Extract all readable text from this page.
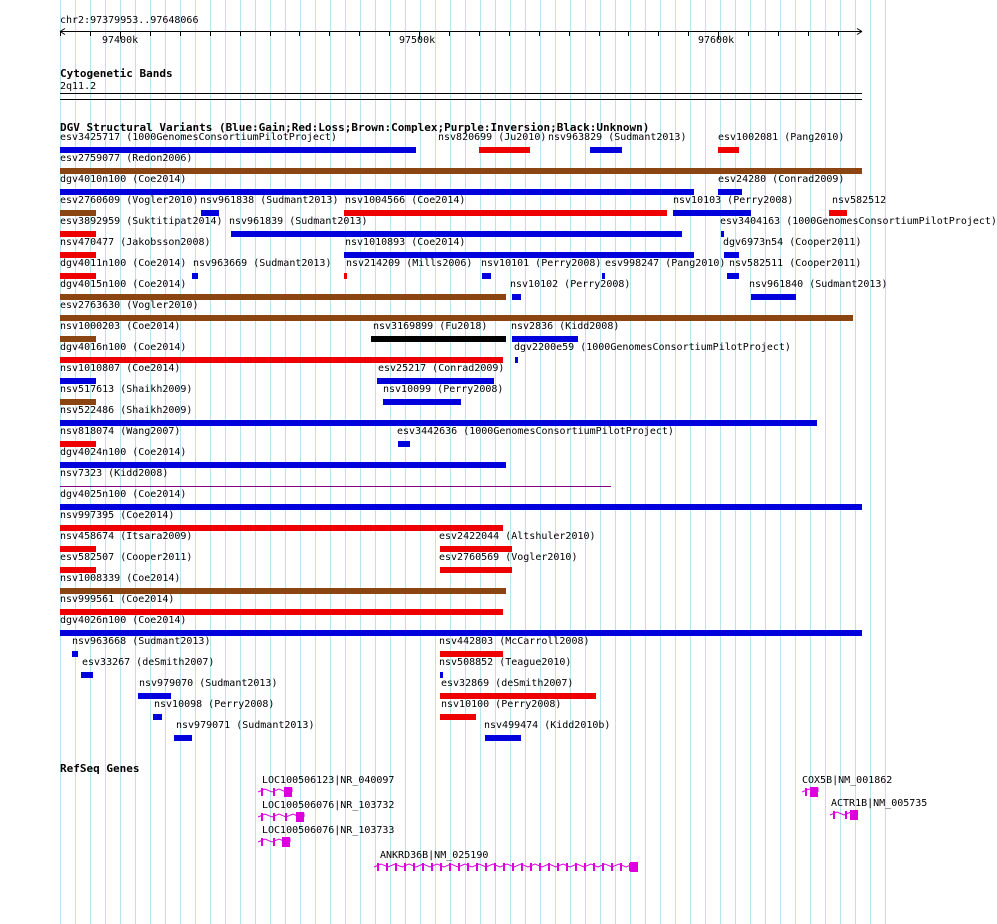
chr2:97379953..97648066
97400k	97500k	97600k
Cytogenetic Bands
2q11.2
DGV Structural Variants (Blue:Gain;Red:Loss;Brown:Complex;Purple:Inversion;Black:Unknown)
esv3425717 (1000GenomesConsortiumPilotProject)	nsv820699 (Ju2010) nsv963829 (Sudmant2013)	esv1002081 (Pang2010)
esv2759077 (Redon2006)
dgv4010n100 (Coe2014)	esv24280 (Conrad2009)
esv2760609 (Vogler2010) nsv961838 (Sudmant2013) nsv1004566 (Coe2014)	nsv10103 (Perry2008)	nsv582512
esv3892959 (Suktitipat2014) nsv961839 (Sudmant2013)	esv3404163 (1000GenomesConsortiumPilotProject)
nsv470477 (Jakobsson2008)	nsv1010893 (Coe2014)	dgv6973n54 (Cooper2011)
dgv4011n100 (Coe2014) nsv963669 (Sudmant2013) nsv214209 (Mills2006) nsv10101 (Perry2008) esv998247 (Pang2010) nsv582511 (Cooper2011)
dgv4015n100 (Coe2014)	nsv10102 (Perry2008)	nsv961840 (Sudmant2013)
esv2763630 (Vogler2010)
nsv1000203 (Coe2014)	nsv3169899 (Fu2018) nsv2836 (Kidd2008)
dgv4016n100 (Coe2014)	dgv2200e59 (1000GenomesConsortiumPilotProject)
nsv1010807 (Coe2014)	esv25217 (Conrad2009)
nsv517613 (Shaikh2009)	nsv10099 (Perry2008)
nsv522486 (Shaikh2009)
nsv818074 (Wang2007)	esv3442636 (1000GenomesConsortiumPilotProject)
dgv4024n100 (Coe2014)
nsv7323 (Kidd2008)
dgv4025n100 (Coe2014)
nsv997395 (Coe2014)
nsv458674 (Itsara2009)	esv2422044 (Altshuler2010)
esv582507 (Cooper2011)	esv2760569 (Vogler2010)
nsv1008339 (Coe2014)
nsv999561 (Coe2014)
dgv4026n100 (Coe2014)
nsv963668 (Sudmant2013)	nsv442803 (McCarroll2008)
esv33267 (deSmith2007)	nsv508852 (Teague2010)
nsv979070 (Sudmant2013)	esv32869 (deSmith2007)
nsv10098 (Perry2008)	nsv10100 (Perry2008)
nsv979071 (Sudmant2013)	nsv499474 (Kidd2010b)
RefSeq Genes
LOC100506123|NR_040097
LOC100506076|NR_103732
LOC100506076|NR_103733
ANKRD36B|NM_025190
COX5B|NM_001862
ACTR1B|NM_005735
